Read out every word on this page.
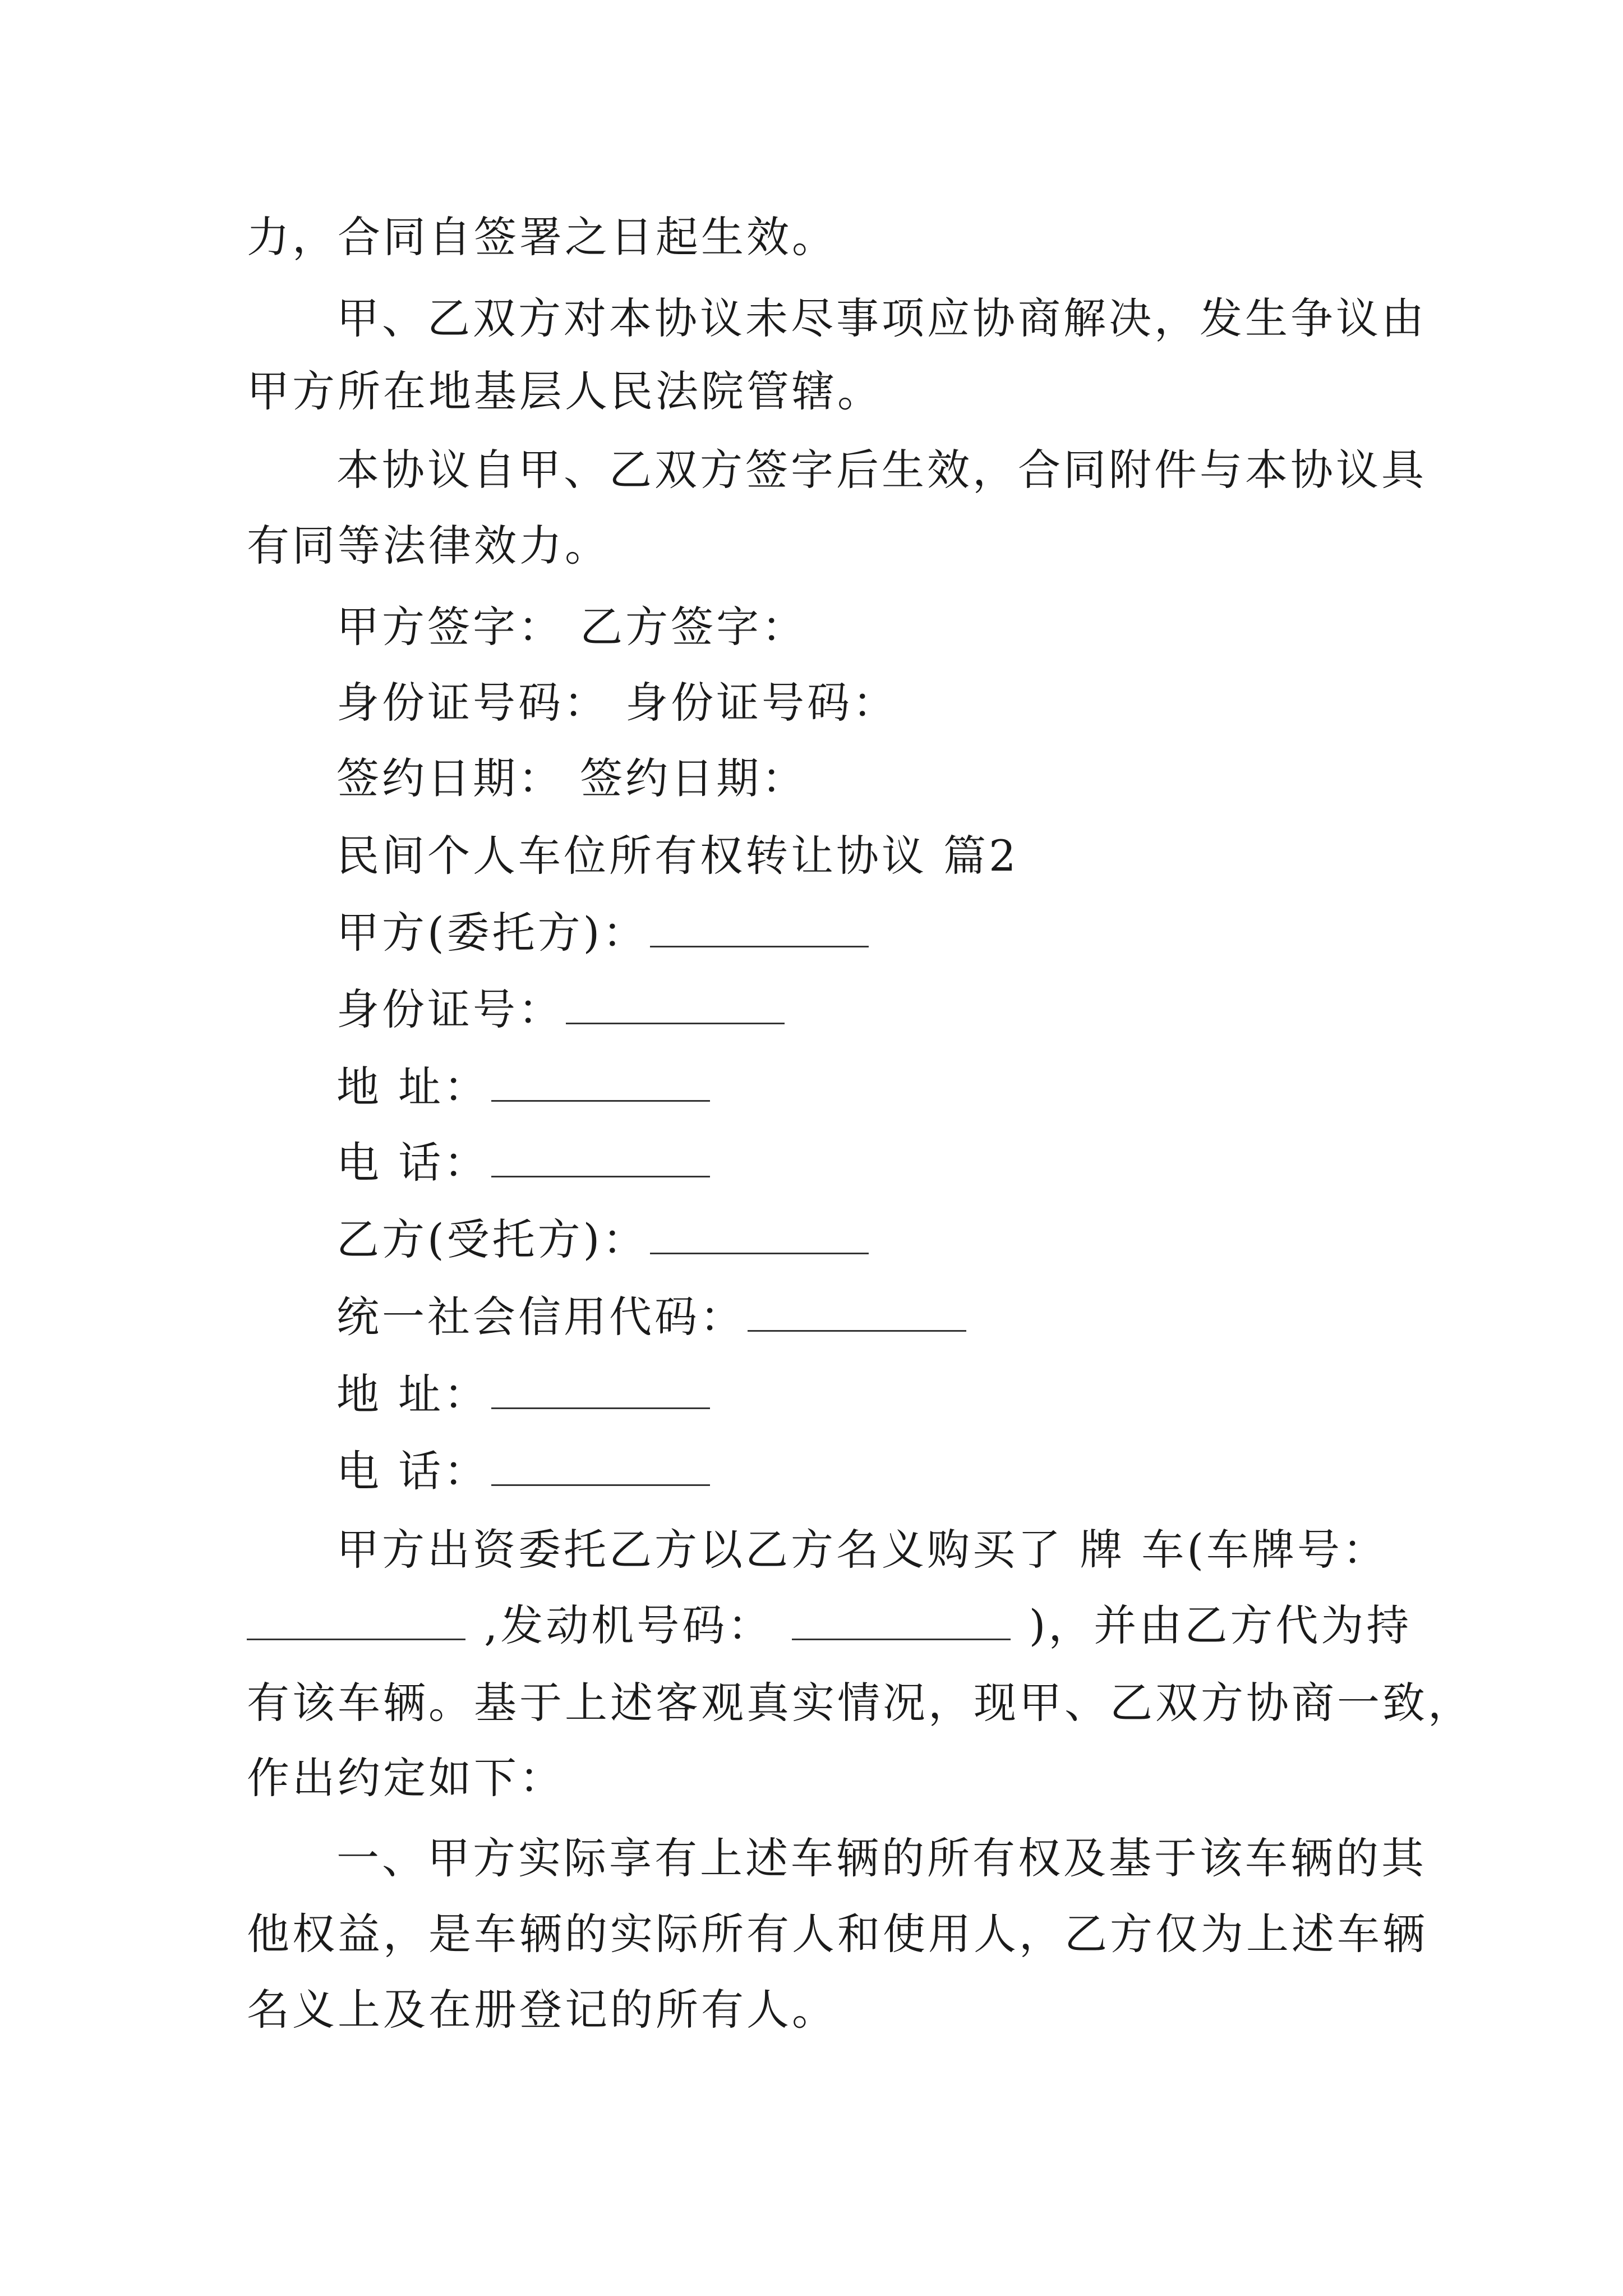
力，合同自签署之日起生效。
甲、乙双方对本协议未尽事项应协商解决，发生争议由
甲方所在地基层人民法院管辖。
本协议自甲、乙双方签字后生效，合同附件与本协议具
有同等法律效力。
甲方签字： 乙方签字：
身份证号码： 身份证号码：
签约日期： 签约日期：
民间个人车位所有权转让协议 篇2
甲方(委托方)：
身份证号：
地 址：
电 话：
乙方(受托方)：
统一社会信用代码：
地 址：
电 话：
甲方出资委托乙方以乙方名义购买了 牌 车(车牌号：
,发动机号码：	)，并由乙方代为持
有该车辆。基于上述客观真实情况，现甲、乙双方协商一致，
作出约定如下：
一、甲方实际享有上述车辆的所有权及基于该车辆的其
他权益，是车辆的实际所有人和使用人，乙方仅为上述车辆
名义上及在册登记的所有人。
